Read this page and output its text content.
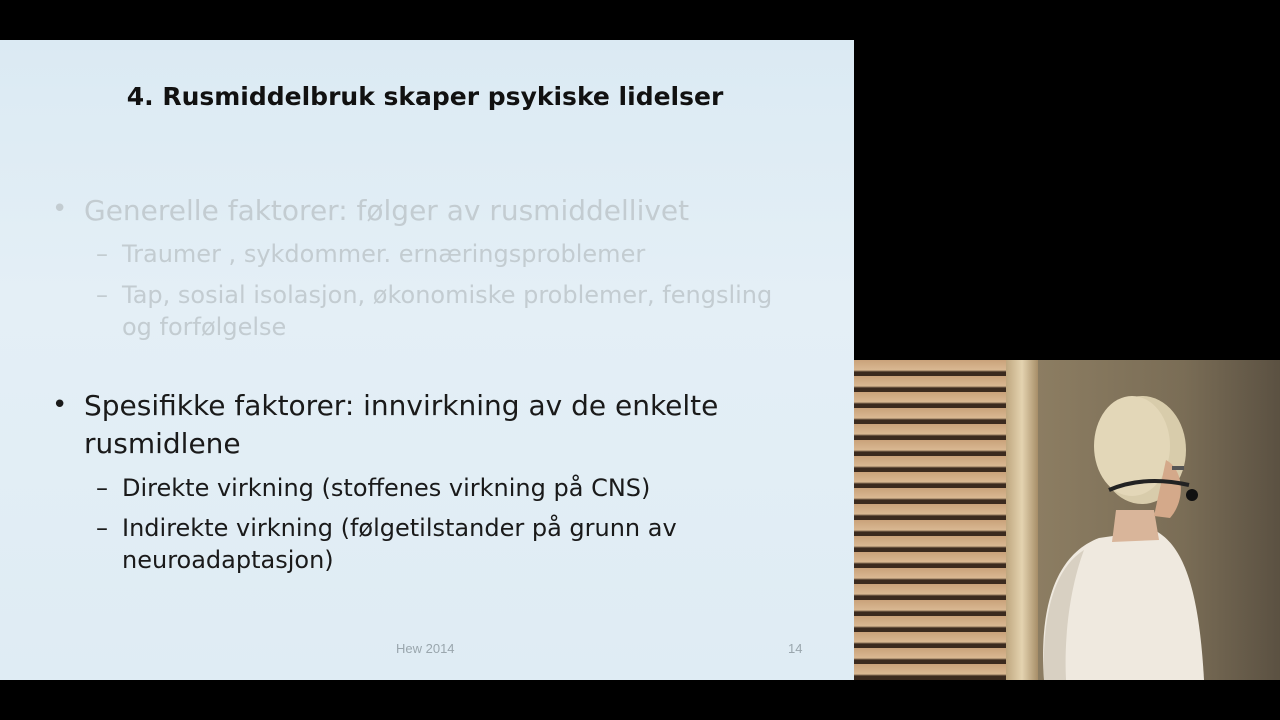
4. Rusmiddelbruk skaper psykiske lidelser
• Generelle faktorer: følger av rusmiddellivet
– Traumer , sykdommer. ernæringsproblemer
– Tap, sosial isolasjon, økonomiske problemer, fengsling
og forfølgelse
• Spesifikke faktorer: innvirkning av de enkelte
rusmidlene
– Direkte virkning (stoffenes virkning på CNS)
– Indirekte virkning (følgetilstander på grunn av
neuroadaptasjon)
Hew 2014	14
